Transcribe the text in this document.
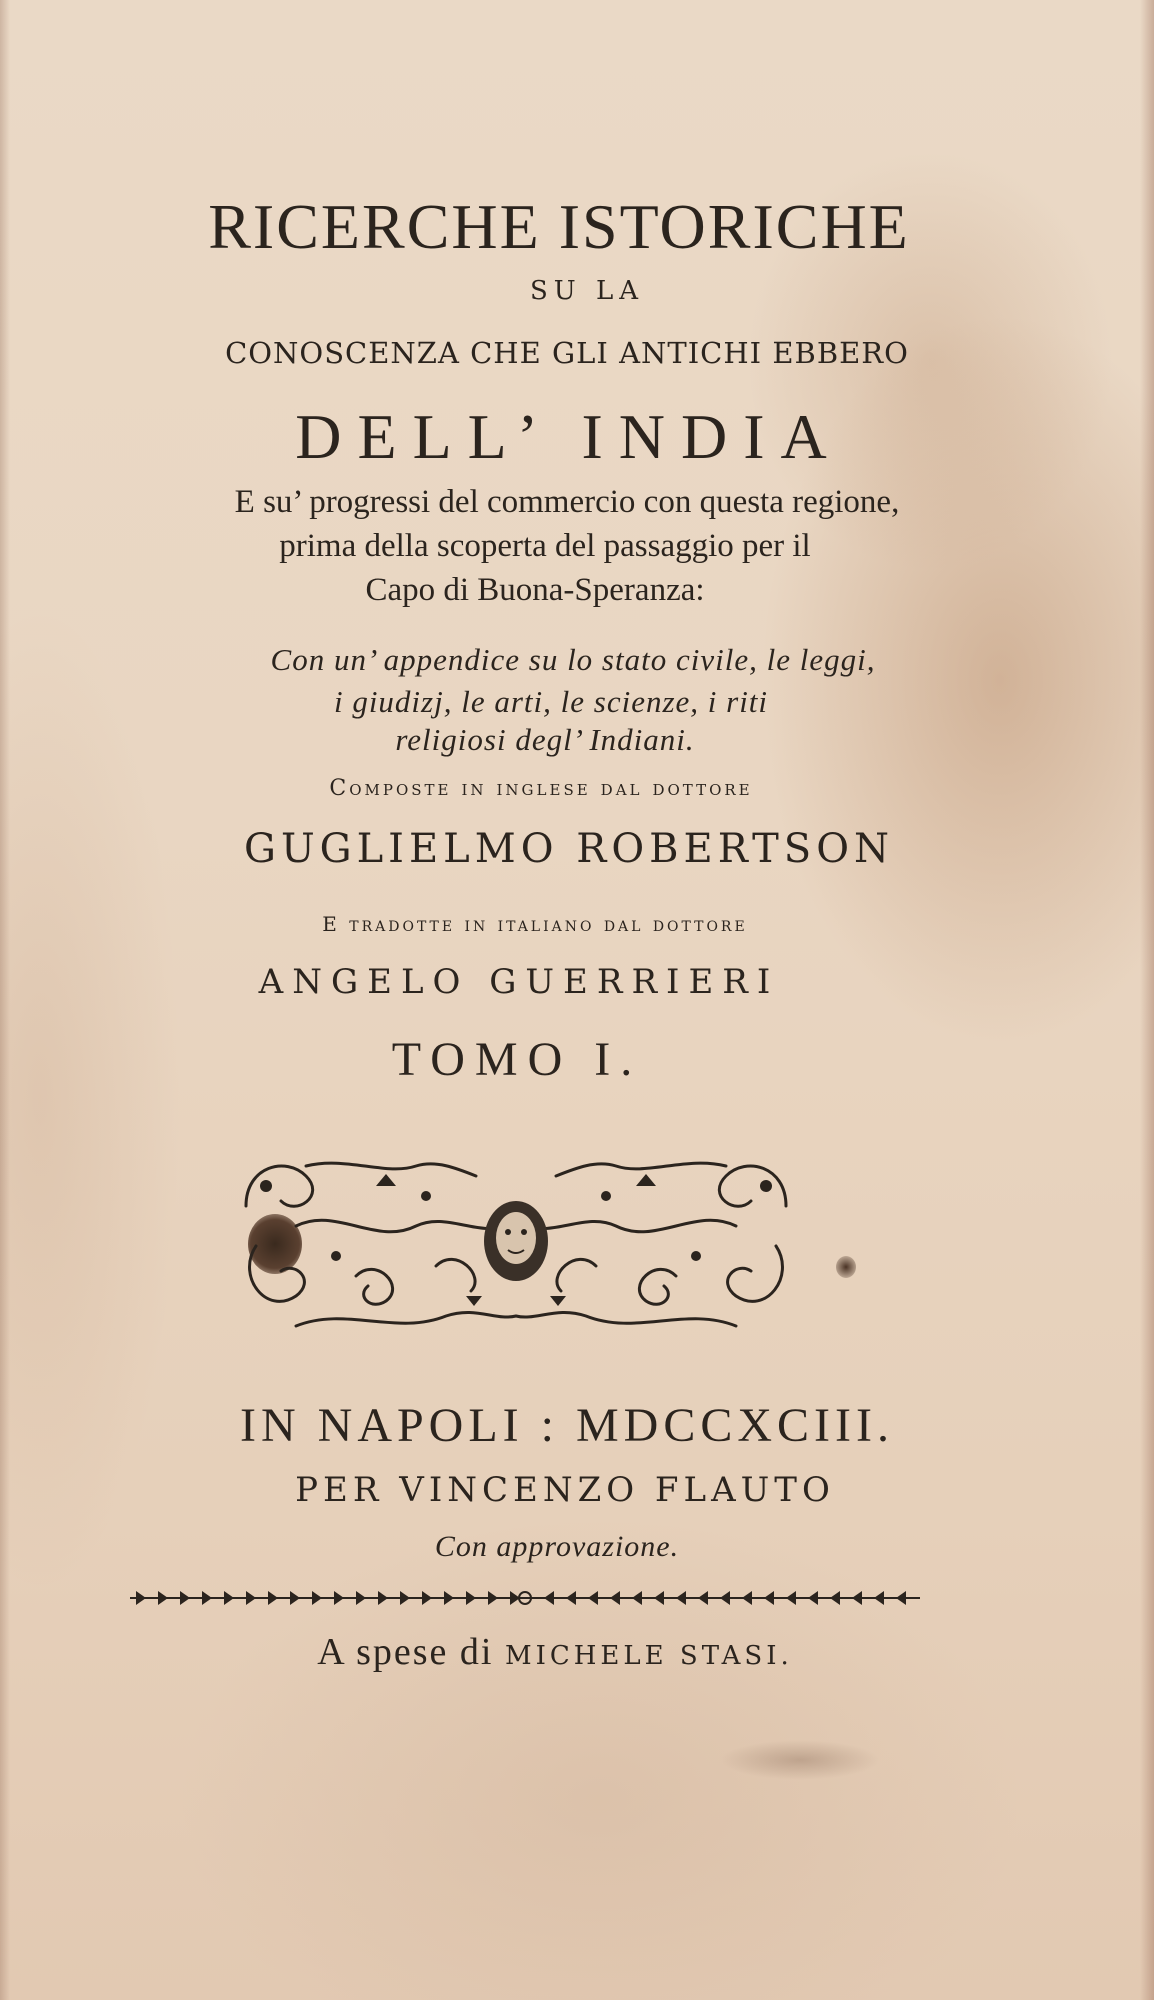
RICERCHE ISTORICHE
SU LA
CONOSCENZA CHE GLI ANTICHI EBBERO
DELL’ INDIA
E su’ progressi del commercio con questa regione,
prima della scoperta del passaggio per il
Capo di Buona-Speranza:
Con un’ appendice su lo stato civile, le leggi,
i giudizj, le arti, le scienze, i riti
religiosi degl’ Indiani.
Composte in inglese dal dottore
GUGLIELMO ROBERTSON
E tradotte in italiano dal dottore
ANGELO GUERRIERI
TOMO I.
IN NAPOLI : MDCCXCIII.
PER VINCENZO FLAUTO
Con approvazione.
A spese di MICHELE STASI.
